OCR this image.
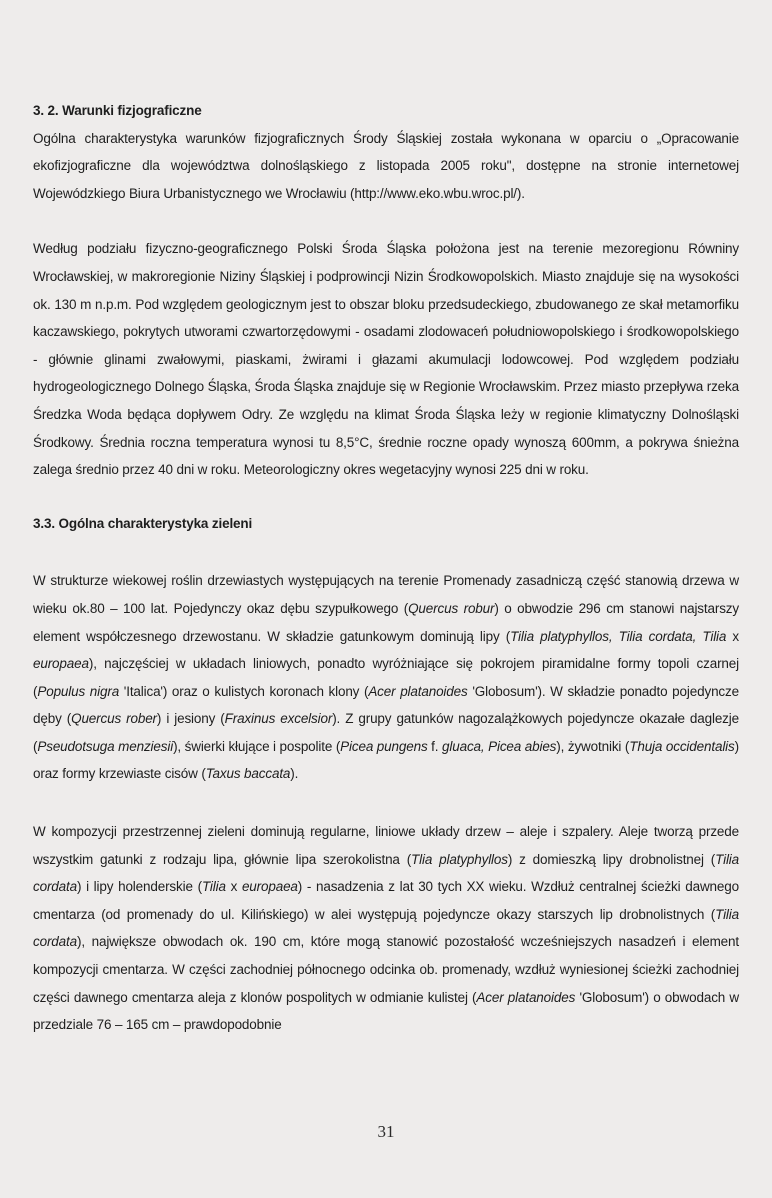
3. 2. Warunki fizjograficzne

Ogólna charakterystyka warunków fizjograficznych Środy Śląskiej została wykonana w oparciu o „Opracowanie ekofizjograficzne dla województwa dolnośląskiego z listopada 2005 roku", dostępne na stronie internetowej Wojewódzkiego Biura Urbanistycznego we Wrocławiu (http://www.eko.wbu.wroc.pl/).

Według podziału fizyczno-geograficznego Polski Środa Śląska położona jest na terenie mezoregionu Równiny Wrocławskiej, w makroregionie Niziny Śląskiej i podprowincji Nizin Środkowopolskich. Miasto znajduje się na wysokości ok. 130 m n.p.m. Pod względem geologicznym jest to obszar bloku przedsudeckiego, zbudowanego ze skał metamorfiku kaczawskiego, pokrytych utworami czwartorzędowymi - osadami zlodowaceń południowopolskiego i środkowopolskiego - głównie glinami zwałowymi, piaskami, żwirami i głazami akumulacji lodowcowej. Pod względem podziału hydrogeologicznego Dolnego Śląska, Środa Śląska znajduje się w Regionie Wrocławskim. Przez miasto przepływa rzeka Średzka Woda będąca dopływem Odry. Ze względu na klimat Środa Śląska leży w regionie klimatyczny Dolnośląski Środkowy. Średnia roczna temperatura wynosi tu 8,5°C, średnie roczne opady wynoszą 600mm, a pokrywa śnieżna zalega średnio przez 40 dni w roku. Meteorologiczny okres wegetacyjny wynosi 225 dni w roku.

3.3. Ogólna charakterystyka zieleni

W strukturze wiekowej roślin drzewiastych występujących na terenie Promenady zasadniczą część stanowią drzewa w wieku ok.80 – 100 lat. Pojedynczy okaz dębu szypułkowego (Quercus robur) o obwodzie 296 cm stanowi najstarszy element współczesnego drzewostanu. W składzie gatunkowym dominują lipy (Tilia platyphyllos, Tilia cordata, Tilia x europaea), najczęściej w układach liniowych, ponadto wyróżniające się pokrojem piramidalne formy topoli czarnej (Populus nigra 'Italica') oraz o kulistych koronach klony (Acer platanoides 'Globosum'). W składzie ponadto pojedyncze dęby (Quercus rober) i jesiony (Fraxinus excelsior). Z grupy gatunków nagozalążkowych pojedyncze okazałe daglezje (Pseudotsuga menziesii), świerki kłujące i pospolite (Picea pungens f. gluaca, Picea abies), żywotniki (Thuja occidentalis) oraz formy krzewiaste cisów (Taxus baccata).

W kompozycji przestrzennej zieleni dominują regularne, liniowe układy drzew – aleje i szpalery. Aleje tworzą przede wszystkim gatunki z rodzaju lipa, głównie lipa szerokolistna (Tlia platyphyllos) z domieszką lipy drobnolistnej (Tilia cordata) i lipy holenderskie (Tilia x europaea) - nasadzenia z lat 30 tych XX wieku. Wzdłuż centralnej ścieżki dawnego cmentarza (od promenady do ul. Kilińskiego) w alei występują pojedyncze okazy starszych lip drobnolistnych (Tilia cordata), największe obwodach ok. 190 cm, które mogą stanowić pozostałość wcześniejszych nasadzeń i element kompozycji cmentarza. W części zachodniej północnego odcinka ob. promenady, wzdłuż wyniesionej ścieżki zachodniej części dawnego cmentarza aleja z klonów pospolitych w odmianie kulistej (Acer platanoides 'Globosum') o obwodach w przedziale 76 – 165 cm – prawdopodobnie

31
